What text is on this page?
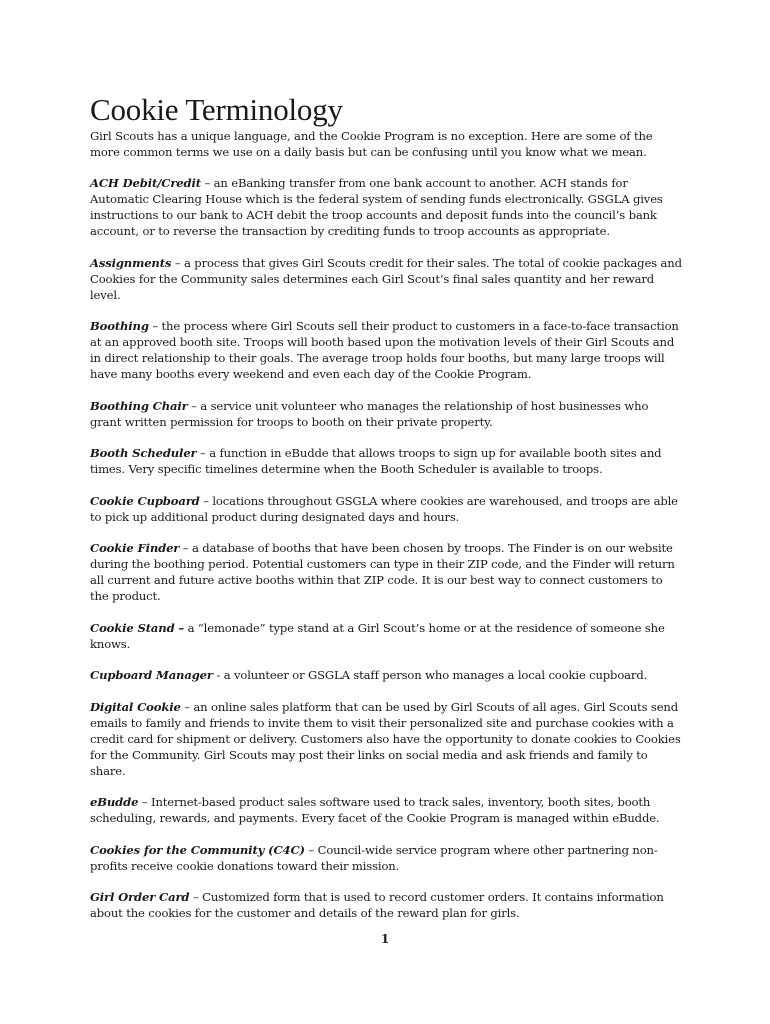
Cookie Terminology

Girl Scouts has a unique language, and the Cookie Program is no exception. Here are some of the more common terms we use on a daily basis but can be confusing until you know what we mean.

ACH Debit/Credit – an eBanking transfer from one bank account to another. ACH stands for Automatic Clearing House which is the federal system of sending funds electronically. GSGLA gives instructions to our bank to ACH debit the troop accounts and deposit funds into the council’s bank account, or to reverse the transaction by crediting funds to troop accounts as appropriate.

Assignments – a process that gives Girl Scouts credit for their sales. The total of cookie packages and Cookies for the Community sales determines each Girl Scout’s final sales quantity and her reward level.

Boothing – the process where Girl Scouts sell their product to customers in a face-to-face transaction at an approved booth site. Troops will booth based upon the motivation levels of their Girl Scouts and in direct relationship to their goals. The average troop holds four booths, but many large troops will have many booths every weekend and even each day of the Cookie Program.

Boothing Chair – a service unit volunteer who manages the relationship of host businesses who grant written permission for troops to booth on their private property.

Booth Scheduler – a function in eBudde that allows troops to sign up for available booth sites and times. Very specific timelines determine when the Booth Scheduler is available to troops.

Cookie Cupboard – locations throughout GSGLA where cookies are warehoused, and troops are able to pick up additional product during designated days and hours.

Cookie Finder – a database of booths that have been chosen by troops. The Finder is on our website during the boothing period. Potential customers can type in their ZIP code, and the Finder will return all current and future active booths within that ZIP code. It is our best way to connect customers to the product.

Cookie Stand – a “lemonade” type stand at a Girl Scout’s home or at the residence of someone she knows.

Cupboard Manager - a volunteer or GSGLA staff person who manages a local cookie cupboard.

Digital Cookie – an online sales platform that can be used by Girl Scouts of all ages. Girl Scouts send emails to family and friends to invite them to visit their personalized site and purchase cookies with a credit card for shipment or delivery. Customers also have the opportunity to donate cookies to Cookies for the Community. Girl Scouts may post their links on social media and ask friends and family to share.

eBudde – Internet-based product sales software used to track sales, inventory, booth sites, booth scheduling, rewards, and payments. Every facet of the Cookie Program is managed within eBudde.

Cookies for the Community (C4C) – Council-wide service program where other partnering non-profits receive cookie donations toward their mission.

Girl Order Card – Customized form that is used to record customer orders. It contains information about the cookies for the customer and details of the reward plan for girls.

1
